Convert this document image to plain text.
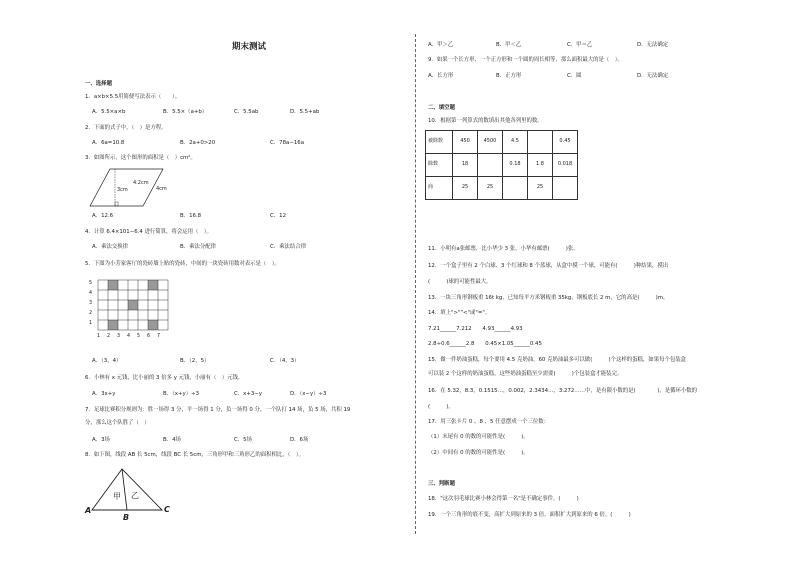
期末测试
一、选择题
1．a×b×5.5用简便写法表示（　　）。
A．5.5×a×b	B．5.5×（a+b）	C．5.5ab	D．5.5+ab
2．下面的式子中，（　）是方程。
A．6a=10.8	B．2a+0>20	C．78a−16a
3．如图所示，这个图形的面积是（　）cm²。
4.2cm
3cm	4cm
A．12.6	B．16.8	C．12
4．计算 6.4×101−6.4 进行简算，将会运用（　）。
A．乘法交换律	B．乘法分配律	C．乘法结合律
5．下图为小芳家客厅的瓷砖墙上贴的瓷砖，中间的一块瓷砖用数对表示是（　）。
5
4
3
2
1
1 2 3 4 5 6 7
A．（3，4）	B．（2，5）	C．（4，3）
6．小林有 x 元钱，比小丽的 3 倍多 y 元钱，小丽有（　）元钱。
A．3x+y	B．（x+y）÷3	C．x+3−y	D．（x−y）÷3
7．足球比赛积分规则为：胜一场得 3 分，平一场得 1 分，负一场得 0 分，一个队打 14 场，负 5 场，共积 19
分，那么这个队胜了（　）
A．3场	B．4场	C．5场	D．6场
8．如下图，线段 AB 长 5cm，线段 BC 长 5cm，三角形甲和三角形乙的面积相比，（　）。
甲 乙
A
B
C
A．甲＞乙	B．甲＜乙	C．甲＝乙	D．无法确定
9．如果一个长方形、一个正方形和一个圆的周长相等，那么面积最大的是（　）。
A．长方形	B．正方形	C．圆	D．无法确定
二、填空题
10．根据第一列算式的数填出其他各列里的数。
被除数	450	4500	4.5		0.45
除数	18		0.18	1.8	0.018
商	25	25		25	
11．小明有a张邮票，比小华少 3 张，小华有邮票(　　　)张。
12．一个盒子里有 2 个白球、3 个红球和 8 个蓝球，从盒中摸一个球，可能有(　　　)种结果，摸出
(　　　)球的可能性最大。
13．一块三角形钢板重 16t kg，已知每平方米钢板重 35kg，钢板底长 2 m，它的高是(　　　)m。
14．填上">""<"或"="。
7.21______7.212　　4.93______4.93
2.8÷0.6______2.8　　0.45×1.05______0.45
15．做一件奶油蛋糕，每个要用 4.5 克奶油，60 克奶油最多可以做(　　　)个这样的蛋糕，如果每个包装盒
可以装 2 个这样的奶油蛋糕，这些奶油蛋糕至少需要(　　　)个包装盒才能装完。
16．在 5.32，8.3，0.1515…，0.002，2.3434…，3.272……中，是有限小数的是(　　　　)，是循环小数的
(　　　)。
17．用三张卡片 0 、8 、5 任意摆成一个三位数：
（1）末尾有 0 的数的可能性是(　　　)。
（2）中间有 0 的数的可能性是(　　　)。
三、判断题
18．"这次羽毛球比赛小林会得第一名"是不确定事件。(　　　)
19．一个三角形的底不变，高扩大到原来的 3 倍，面积扩大到原来的 6 倍。(　　　)
